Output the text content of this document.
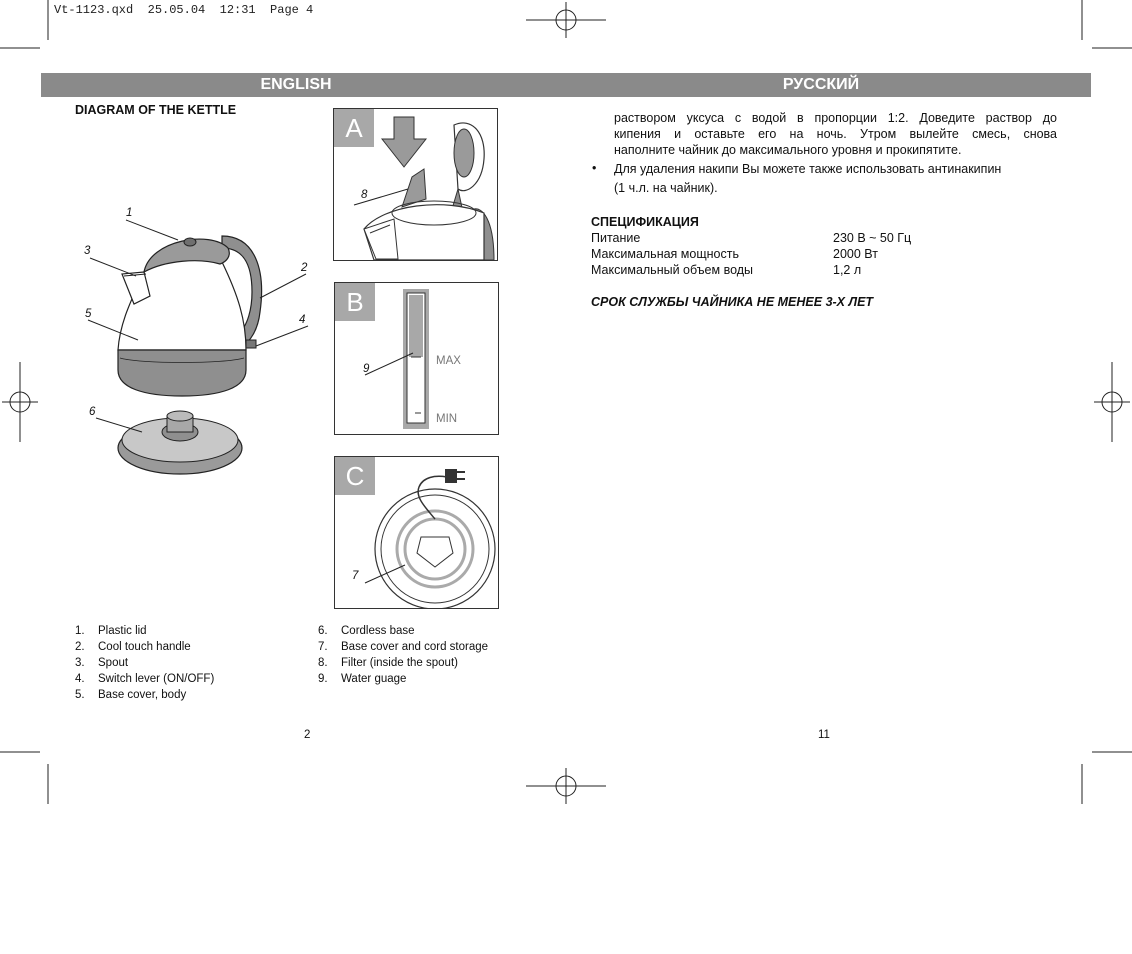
Vt-1123.qxd  25.05.04  12:31  Page 4
ENGLISH	РУССКИЙ
DIAGRAM OF THE KETTLE
1
3
2
4
5
6
A
8
B
MAX
MIN
9
C
7
1. Plastic lid
2. Cool touch handle
3. Spout
4. Switch lever (ON/OFF)
5. Base cover, body
6. Cordless base
7. Base cover and cord storage
8. Filter (inside the spout)
9. Water guage
2
раствором уксуса с водой в пропорции 1:2. Доведите раствор до
кипения и оставьте его на ночь. Утром вылейте смесь, снова
наполните чайник до максимального уровня и прокипятите.
• Для удаления накипи Вы можете также использовать антинакипин
(1 ч.л. на чайник).
СПЕЦИФИКАЦИЯ
Питание	230 В ~ 50 Гц
Максимальная мощность	2000 Вт
Максимальный объем воды	1,2 л
СРОК СЛУЖБЫ ЧАЙНИКА НЕ МЕНЕЕ 3-Х ЛЕТ
11
